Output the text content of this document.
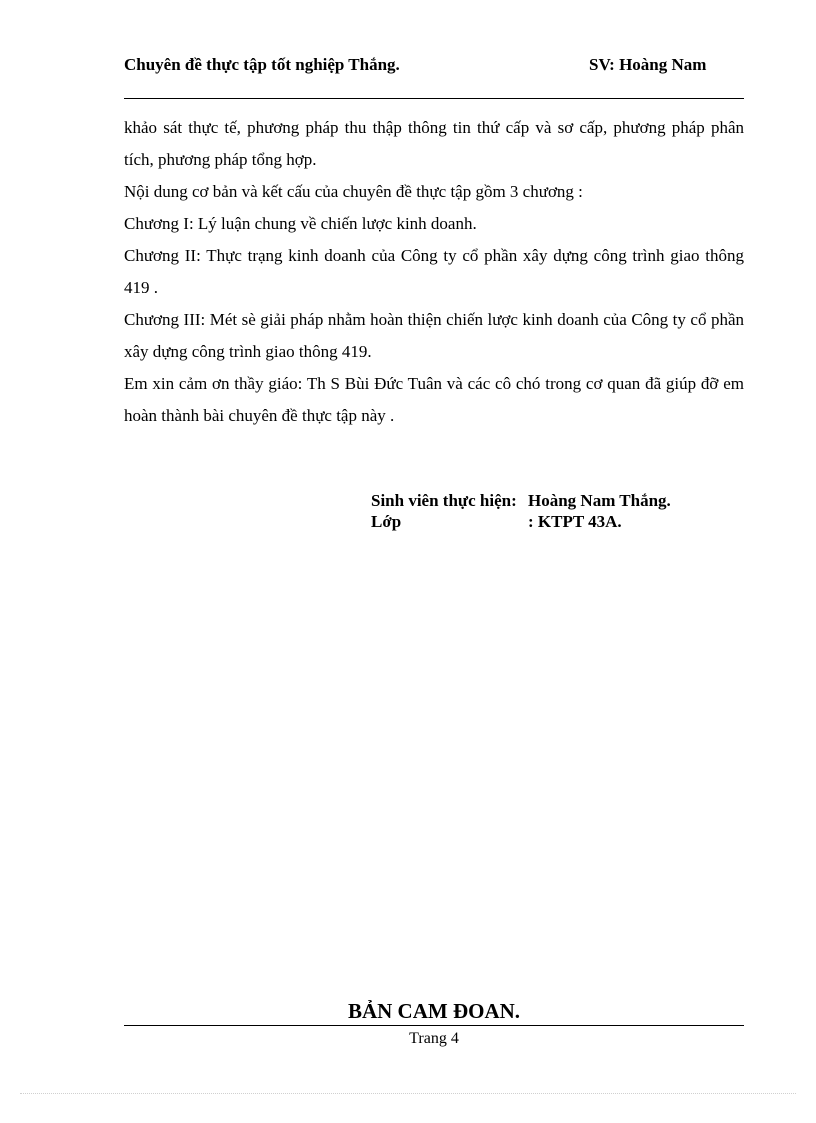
Chuyên đề thực tập tốt nghiệp Thắng.	SV: Hoàng Nam

khảo sát thực tế, phương pháp thu thập thông tin thứ cấp và sơ cấp, phương pháp phân tích, phương pháp tổng hợp.

Nội dung cơ bản và kết cấu của chuyên đề thực tập gồm 3 chương :

Chương I: Lý luận chung về chiến lược kinh doanh.

Chương II: Thực trạng kinh doanh của Công ty cổ phần xây dựng công trình giao thông 419 .

Chương III: Mét sè giải pháp nhằm hoàn thiện chiến lược kinh doanh của Công ty cổ phần xây dựng công trình giao thông 419.

Em xin cảm ơn thầy giáo: Th S Bùi Đức Tuân và các cô chó trong cơ quan đã giúp đỡ em hoàn thành bài chuyên đề thực tập này .

Sinh viên thực hiện: Hoàng Nam Thắng.
Lớp	: KTPT 43A.
BẢN CAM ĐOAN.
Trang 4
